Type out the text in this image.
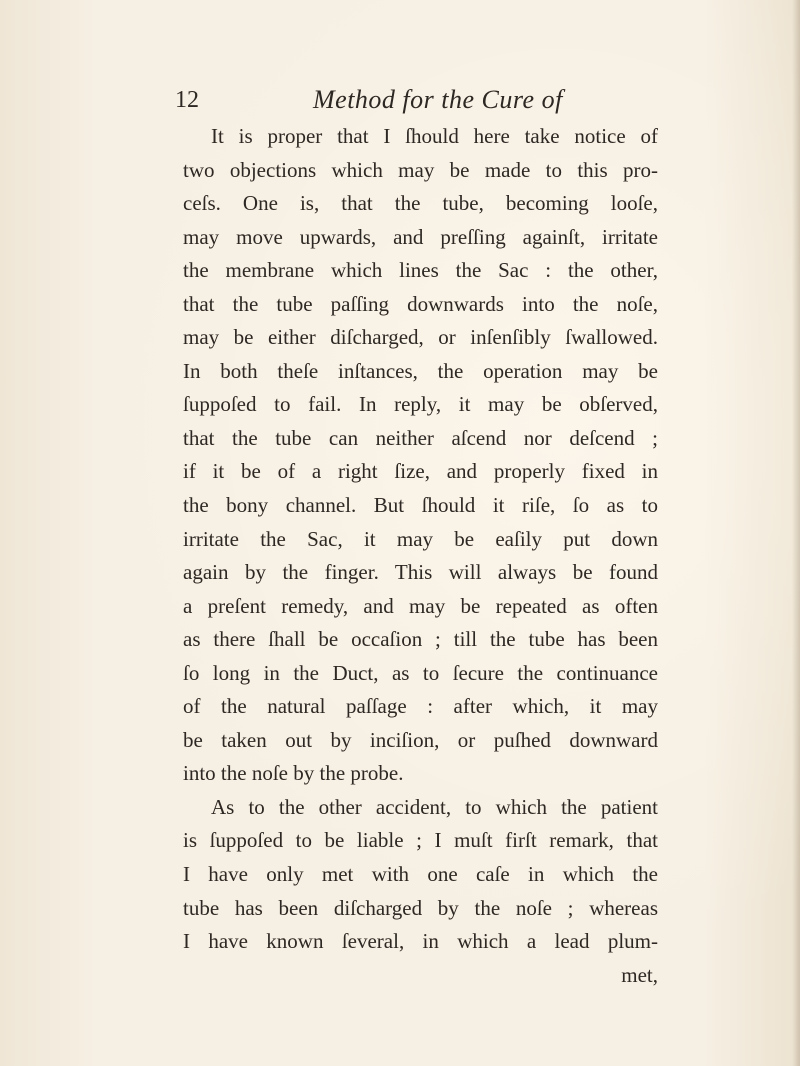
12	Method for the Cure of
It is proper that I ſhould here take notice of
two objections which may be made to this pro-
ceſs. One is, that the tube, becoming looſe,
may move upwards, and preſſing againſt, irritate
the membrane which lines the Sac : the other,
that the tube paſſing downwards into the noſe,
may be either diſcharged, or inſenſibly ſwallowed.
In both theſe inſtances, the operation may be
ſuppoſed to fail. In reply, it may be obſerved,
that the tube can neither aſcend nor deſcend ;
if it be of a right ſize, and properly fixed in
the bony channel. But ſhould it riſe, ſo as to
irritate the Sac, it may be eaſily put down
again by the finger. This will always be found
a preſent remedy, and may be repeated as often
as there ſhall be occaſion ; till the tube has been
ſo long in the Duct, as to ſecure the continuance
of the natural paſſage : after which, it may
be taken out by inciſion, or puſhed downward
into the noſe by the probe.
As to the other accident, to which the patient
is ſuppoſed to be liable ; I muſt firſt remark, that
I have only met with one caſe in which the
tube has been diſcharged by the noſe ; whereas
I have known ſeveral, in which a lead plum-
met,
